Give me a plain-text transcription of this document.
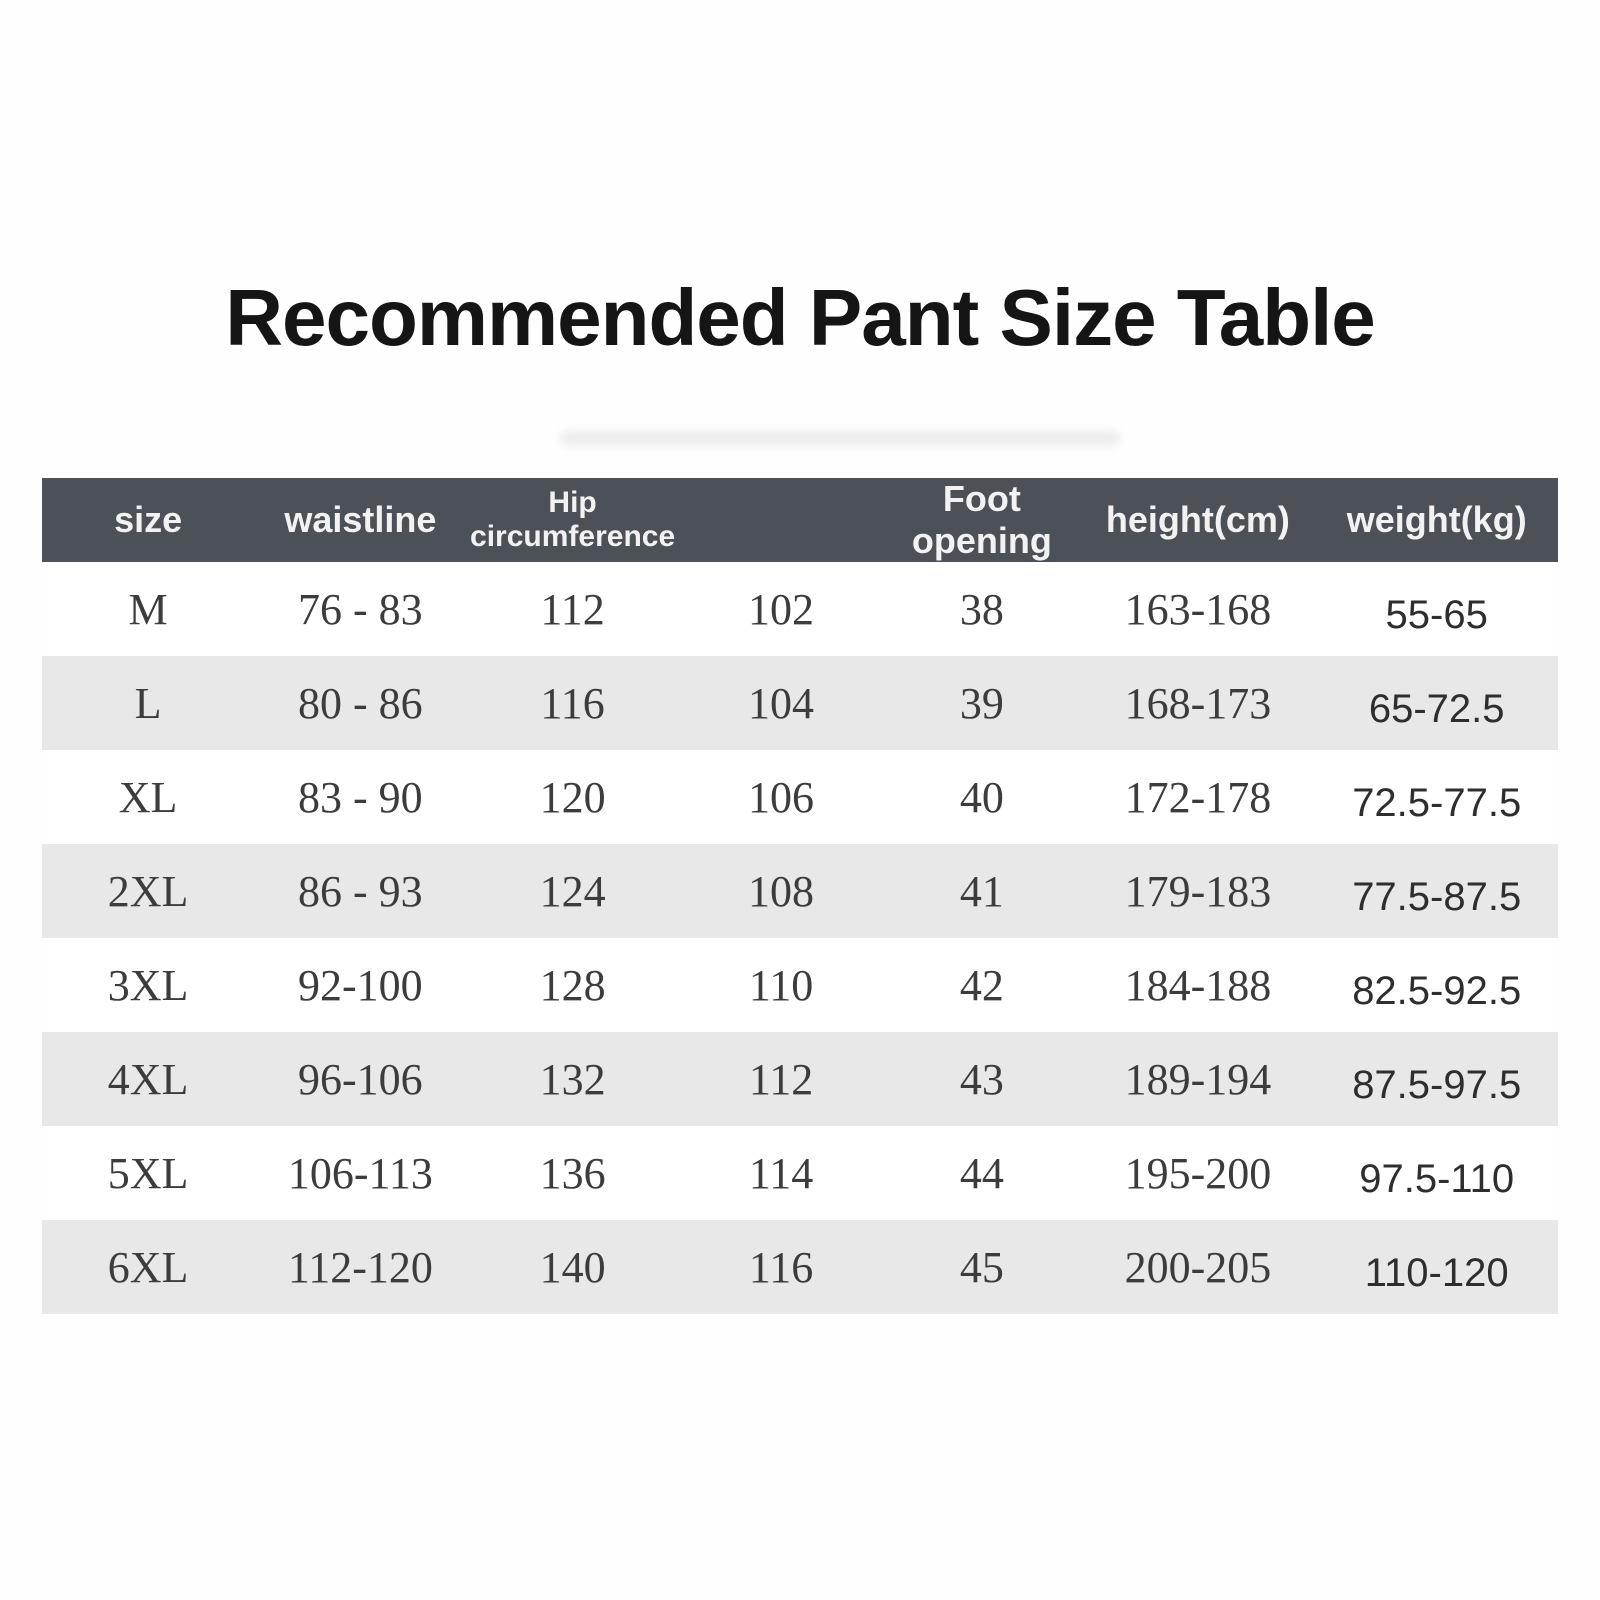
Recommended Pant Size Table
size	waistline	Hip circumference		Foot opening	height(cm)	weight(kg)
M	76 - 83	112	102	38	163-168	55-65
L	80 - 86	116	104	39	168-173	65-72.5
XL	83 - 90	120	106	40	172-178	72.5-77.5
2XL	86 - 93	124	108	41	179-183	77.5-87.5
3XL	92-100	128	110	42	184-188	82.5-92.5
4XL	96-106	132	112	43	189-194	87.5-97.5
5XL	106-113	136	114	44	195-200	97.5-110
6XL	112-120	140	116	45	200-205	110-120
